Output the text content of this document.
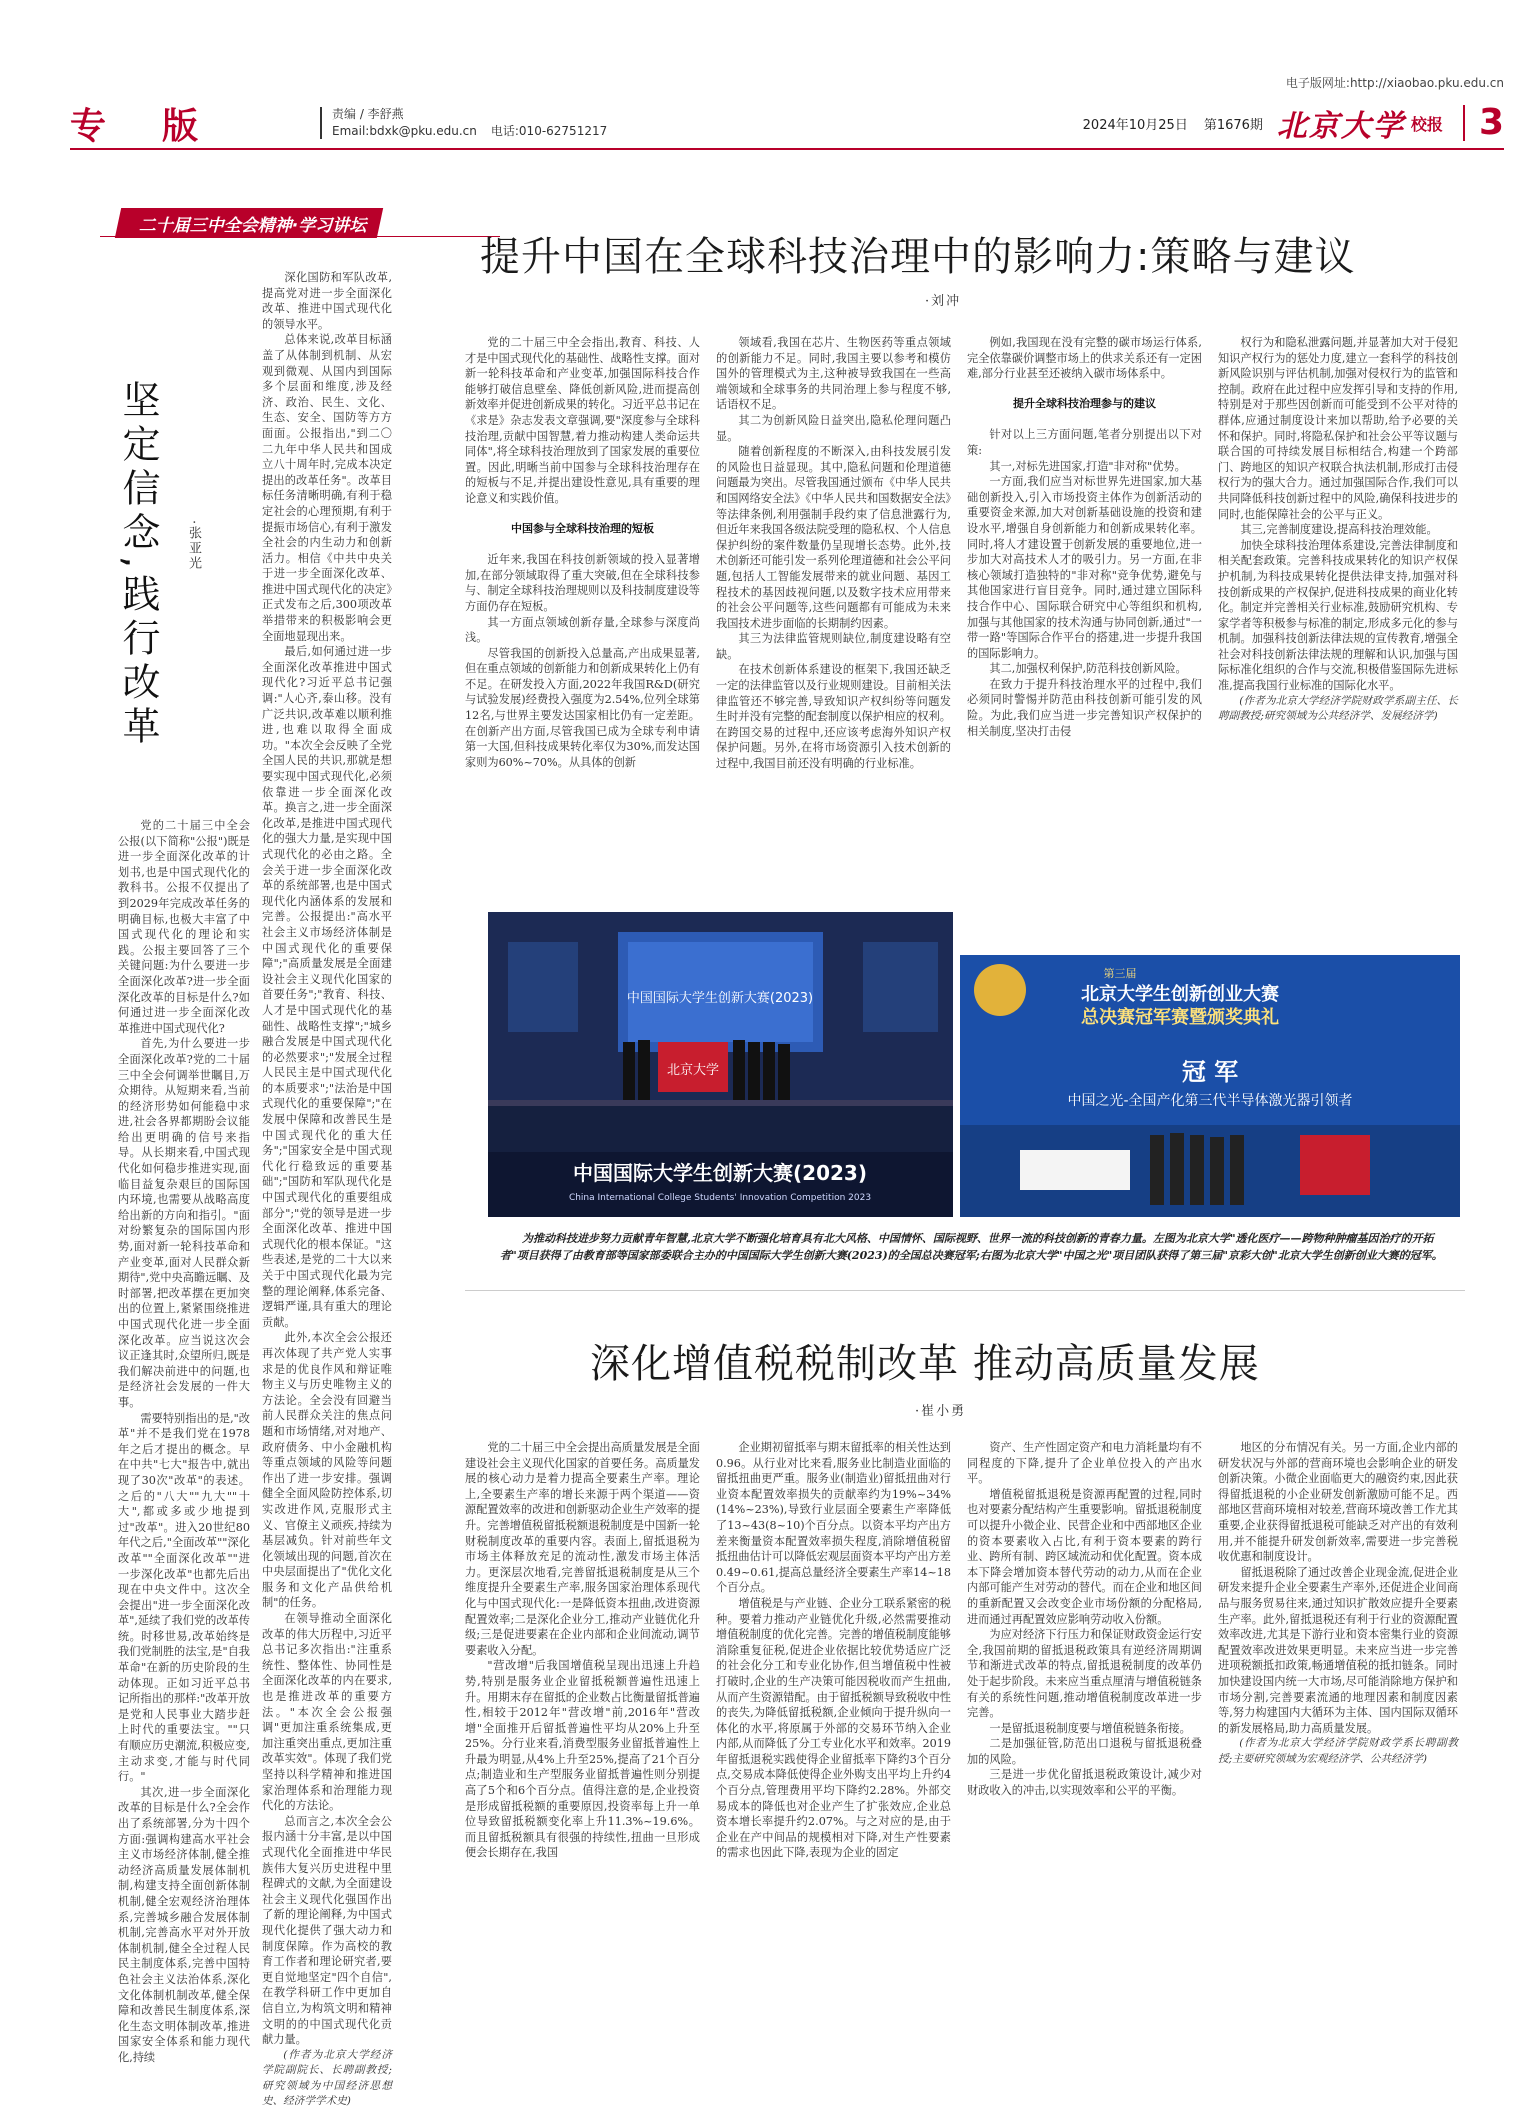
电子版网址:http://xiaobao.pku.edu.cn
专版	责编 / 李舒燕
Email:bdxk@pku.edu.cn 电话:010-62751217	2024年10月25日 第1676期 北京大学 校报	3
二十届三中全会精神·学习讲坛
坚定信念,践行改革 ·张亚光

党的二十届三中全会公报(以下简称"公报")既是进一步全面深化改革的计划书,也是中国式现代化的教科书。公报不仅提出了到2029年完成改革任务的明确目标,也极大丰富了中国式现代化的理论和实践。公报主要回答了三个关键问题:为什么要进一步全面深化改革?进一步全面深化改革的目标是什么?如何通过进一步全面深化改革推进中国式现代化?

首先,为什么要进一步全面深化改革?党的二十届三中全会何调举世瞩目,万众期待。从短期来看,当前的经济形势如何能稳中求进,社会各界都期盼会议能给出更明确的信号来指导。从长期来看,中国式现代化如何稳步推进实现,面临目益复杂艰巨的国际国内环境,也需要从战略高度给出新的方向和指引。"面对纷繁复杂的国际国内形势,面对新一轮科技革命和产业变革,面对人民群众新期待",党中央高瞻远瞩、及时部署,把改革摆在更加突出的位置上,紧紧围绕推进中国式现代化进一步全面深化改革。应当说这次会议正逢其时,众望所归,既是我们解决前进中的问题,也是经济社会发展的一件大事。

需要特别指出的是,"改革"并不是我们党在1978年之后才提出的概念。早在中共"七大"报告中,就出现了30次"改革"的表述。之后的"八大""九大""十大",都或多或少地提到过"改革"。进入20世纪80年代之后,"全面改革""深化改革""全面深化改革""进一步深化改革"也都先后出现在中央文件中。这次全会提出"进一步全面深化改革",延续了我们党的改革传统。时移世易,改革始终是我们党制胜的法宝,是"自我革命"在新的历史阶段的生动体现。正如习近平总书记所指出的那样:"改革开放是党和人民事业大踏步赶上时代的重要法宝。""只有顺应历史潮流,积极应变,主动求变,才能与时代同行。"

其次,进一步全面深化改革的目标是什么?全会作出了系统部署,分为十四个方面:强调构建高水平社会主义市场经济体制,健全推动经济高质量发展体制机制,构建支持全面创新体制机制,健全宏观经济治理体系,完善城乡融合发展体制机制,完善高水平对外开放体制机制,健全全过程人民民主制度体系,完善中国特色社会主义法治体系,深化文化体制机制改革,健全保障和改善民生制度体系,深化生态文明体制改革,推进国家安全体系和能力现代化,持续

深化国防和军队改革,提高党对进一步全面深化改革、推进中国式现代化的领导水平。

总体来说,改革目标涵盖了从体制到机制、从宏观到微观、从国内到国际多个层面和维度,涉及经济、政治、民生、文化、生态、安全、国防等方方面面。公报指出,"到二〇二九年中华人民共和国成立八十周年时,完成本决定提出的改革任务"。改革目标任务清晰明确,有利于稳定社会的心理预期,有利于提振市场信心,有利于激发全社会的内生动力和创新活力。相信《中共中央关于进一步全面深化改革、推进中国式现代化的决定》正式发布之后,300项改革举措带来的积极影响会更全面地显现出来。

最后,如何通过进一步全面深化改革推进中国式现代化?习近平总书记强调:"人心齐,泰山移。没有广泛共识,改革难以顺利推进,也难以取得全面成功。"本次全会反映了全党全国人民的共识,那就是想要实现中国式现代化,必须依靠进一步全面深化改革。换言之,进一步全面深化改革,是推进中国式现代化的强大力量,是实现中国式现代化的必由之路。全会关于进一步全面深化改革的系统部署,也是中国式现代化内涵体系的发展和完善。公报提出:"高水平社会主义市场经济体制是中国式现代化的重要保障";"高质量发展是全面建设社会主义现代化国家的首要任务";"教育、科技、人才是中国式现代化的基础性、战略性支撑";"城乡融合发展是中国式现代化的必然要求";"发展全过程人民民主是中国式现代化的本质要求";"法治是中国式现代化的重要保障";"在发展中保障和改善民生是中国式现代化的重大任务";"国家安全是中国式现代化行稳致远的重要基础";"国防和军队现代化是中国式现代化的重要组成部分";"党的领导是进一步全面深化改革、推进中国式现代化的根本保证。"这些表述,是党的二十大以来关于中国式现代化最为完整的理论阐释,体系完备、逻辑严谨,具有重大的理论贡献。

此外,本次全会公报还再次体现了共产党人实事求是的优良作风和辩证唯物主义与历史唯物主义的方法论。全会没有回避当前人民群众关注的焦点问题和市场情绪,对对地产、政府债务、中小金融机构等重点领域的风险等问题作出了进一步安排。强调健全全面风险防控体系,切实改进作风,克服形式主义、官僚主义顽疾,持续为基层减负。针对前些年文化领域出现的问题,首次在中央层面提出了"优化文化服务和文化产品供给机制"的任务。

在领导推动全面深化改革的伟大历程中,习近平总书记多次指出:"注重系统性、整体性、协同性是全面深化改革的内在要求,也是推进改革的重要方法。"本次全会公报强调"更加注重系统集成,更加注重突出重点,更加注重改革实效"。体现了我们党坚持以科学精神和推进国家治理体系和治理能力现代化的方法论。

总而言之,本次全会公报内涵十分丰富,是以中国式现代化全面推进中华民族伟大复兴历史进程中里程碑式的文献,为全面建设社会主义现代化强国作出了新的理论阐释,为中国式现代化提供了强大动力和制度保障。作为高校的教育工作者和理论研究者,要更自觉地坚定"四个自信",在教学科研工作中更加自信自立,为构筑文明和精神文明的的中国式现代化贡献力量。

(作者为北京大学经济学院副院长、长聘副教授;研究领域为中国经济思想史、经济学学术史)

提升中国在全球科技治理中的影响力:策略与建议
·刘冲

党的二十届三中全会指出,教育、科技、人才是中国式现代化的基础性、战略性支撑。面对新一轮科技革命和产业变革,加强国际科技合作能够打破信息壁垒、降低创新风险,进而提高创新效率并促进创新成果的转化。习近平总书记在《求是》杂志发表文章强调,要"深度参与全球科技治理,贡献中国智慧,着力推动构建人类命运共同体",将全球科技治理放到了国家发展的重要位置。因此,明晰当前中国参与全球科技治理存在的短板与不足,并提出建设性意见,具有重要的理论意义和实践价值。

中国参与全球科技治理的短板

近年来,我国在科技创新领域的投入显著增加,在部分领域取得了重大突破,但在全球科技参与、制定全球科技治理规则以及科技制度建设等方面仍存在短板。

其一方面点领域创新存量,全球参与深度尚浅。

尽管我国的创新投入总量高,产出成果显著,但在重点领域的创新能力和创新成果转化上仍有不足。在研发投入方面,2022年我国R&D(研究与试验发展)经费投入强度为2.54%,位列全球第12名,与世界主要发达国家相比仍有一定差距。在创新产出方面,尽管我国已成为全球专利申请第一大国,但科技成果转化率仅为30%,而发达国家则为60%~70%。从具体的创新

领域看,我国在芯片、生物医药等重点领域的创新能力不足。同时,我国主要以参考和模仿国外的管理模式为主,这种被导致我国在一些高端领域和全球事务的共同治理上参与程度不够,话语权不足。

其二为创新风险日益突出,隐私伦理问题凸显。

随着创新程度的不断深入,由科技发展引发的风险也日益显现。其中,隐私问题和伦理道德问题最为突出。尽管我国通过颁布《中华人民共和国网络安全法》《中华人民共和国数据安全法》等法律条例,利用强制手段约束了信息泄露行为,但近年来我国各级法院受理的隐私权、个人信息保护纠纷的案件数量仍呈现增长态势。此外,技术创新还可能引发一系列伦理道德和社会公平问题,包括人工智能发展带来的就业问题、基因工程技术的基因歧视问题,以及数字技术应用带来的社会公平问题等,这些问题都有可能成为未来我国技术进步面临的长期制约因素。

其三为法律监管规则缺位,制度建设略有空缺。

在技术创新体系建设的框架下,我国还缺乏一定的法律监管以及行业规则建设。目前相关法律监管还不够完善,导致知识产权纠纷等问题发生时并没有完整的配套制度以保护相应的权利。在跨国交易的过程中,还应该考虑海外知识产权保护问题。另外,在将市场资源引入技术创新的过程中,我国目前还没有明确的行业标准。

例如,我国现在没有完整的碳市场运行体系,完全依靠碳价调整市场上的供求关系还有一定困难,部分行业甚至还被纳入碳市场体系中。

提升全球科技治理参与的建议

针对以上三方面问题,笔者分别提出以下对策:

其一,对标先进国家,打造"非对称"优势。

一方面,我们应当对标世界先进国家,加大基础创新投入,引入市场投资主体作为创新活动的重要资金来源,加大对创新基础设施的投资和建设水平,增强自身创新能力和创新成果转化率。同时,将人才建设置于创新发展的重要地位,进一步加大对高技术人才的吸引力。另一方面,在非核心领域打造独特的"非对称"竞争优势,避免与其他国家进行盲目竞争。同时,通过建立国际科技合作中心、国际联合研究中心等组织和机构,加强与其他国家的技术沟通与协同创新,通过"一带一路"等国际合作平台的搭建,进一步提升我国的国际影响力。

其二,加强权利保护,防范科技创新风险。

在致力于提升科技治理水平的过程中,我们必须同时警惕并防范由科技创新可能引发的风险。为此,我们应当进一步完善知识产权保护的相关制度,坚决打击侵

权行为和隐私泄露问题,并显著加大对于侵犯知识产权行为的惩处力度,建立一套科学的科技创新风险识别与评估机制,加强对侵权行为的监管和控制。政府在此过程中应发挥引导和支持的作用,特别是对于那些因创新而可能受到不公平对待的群体,应通过制度设计来加以帮助,给予必要的关怀和保护。同时,将隐私保护和社会公平等议题与联合国的可持续发展目标相结合,构建一个跨部门、跨地区的知识产权联合执法机制,形成打击侵权行为的强大合力。通过加强国际合作,我们可以共同降低科技创新过程中的风险,确保科技进步的同时,也能保障社会的公平与正义。

其三,完善制度建设,提高科技治理效能。

加快全球科技治理体系建设,完善法律制度和相关配套政策。完善科技成果转化的知识产权保护机制,为科技成果转化提供法律支持,加强对科技创新成果的产权保护,促进科技成果的商业化转化。制定并完善相关行业标准,鼓励研究机构、专家学者等积极参与标准的制定,形成多元化的参与机制。加强科技创新法律法规的宣传教育,增强全社会对科技创新法律法规的理解和认识,加强与国际标准化组织的合作与交流,积极借鉴国际先进标准,提高我国行业标准的国际化水平。

(作者为北京大学经济学院财政学系副主任、长聘副教授;研究领域为公共经济学、发展经济学)

中国国际大学生创新大赛(2023)
北京大学
中国国际大学生创新大赛(2023)
China International College Students' Innovation Competition 2023
第三届
北京大学生创新创业大赛
总决赛冠军赛暨颁奖典礼
冠 军
中国之光-全国产化第三代半导体激光器引领者
为推动科技进步努力贡献青年智慧,北京大学不断强化培育具有北大风格、中国情怀、国际视野、世界一流的科技创新的青春力量。左图为北京大学"透化医疗——跨物种肿瘤基因治疗的开拓者"项目获得了由教育部等国家部委联合主办的中国国际大学生创新大赛(2023)的全国总决赛冠军;右图为北京大学"中国之光"项目团队获得了第三届"京彩大创"北京大学生创新创业大赛的冠军。
深化增值税税制改革 推动高质量发展
·崔小勇

党的二十届三中全会提出高质量发展是全面建设社会主义现代化国家的首要任务。高质量发展的核心动力是着力提高全要素生产率。理论上,全要素生产率的增长来源于两个渠道——资源配置效率的改进和创新驱动企业生产效率的提升。完善增值税留抵税额退税制度是中国新一轮财税制度改革的重要内容。表面上,留抵退税为市场主体释放充足的流动性,激发市场主体活力。更深层次地看,完善留抵退税制度是从三个维度提升全要素生产率,服务国家治理体系现代化与中国式现代化:一是降低资本扭曲,改进资源配置效率;二是深化企业分工,推动产业链优化升级;三是促进要素在企业内部和企业间流动,调节要素收入分配。

"营改增"后我国增值税呈现出迅速上升趋势,特别是服务业企业留抵税额普遍性迅速上升。用期末存在留抵的企业数占比衡量留抵普遍性,相较于2012年"营改增"前,2016年"营改增"全面推开后留抵普遍性平均从20%上升至25%。分行业来看,消费型服务业留抵普遍性上升最为明显,从4%上升至25%,提高了21个百分点;制造业和生产型服务业留抵普遍性则分别提高了5个和6个百分点。值得注意的是,企业投资是形成留抵税额的重要原因,投资率每上升一单位导致留抵税额变化率上升11.3%~19.6%。而且留抵税额具有很强的持续性,扭曲一旦形成便会长期存在,我国

企业期初留抵率与期末留抵率的相关性达到0.96。从行业对比来看,服务业比制造业面临的留抵扭曲更严重。服务业(制造业)留抵扭曲对行业资本配置效率损失的贡献率约为19%~34%(14%~23%),导致行业层面全要素生产率降低了13~43(8~10)个百分点。以资本平均产出方差来衡量资本配置效率损失程度,消除增值税留抵扭曲估计可以降低宏观层面资本平均产出方差0.49~0.61,提高总量经济全要素生产率14~18个百分点。

增值税是与产业链、企业分工联系紧密的税种。要着力推动产业链优化升级,必然需要推动增值税制度的优化完善。完善的增值税制度能够消除重复征税,促进企业依据比较优势适应广泛的社会化分工和专业化协作,但当增值税中性被打破时,企业的生产决策可能因税收而产生扭曲,从而产生资源错配。由于留抵税额导致税收中性的丧失,为降低留抵税额,企业倾向于提升纵向一体化的水平,将原属于外部的交易环节纳入企业内部,从而降低了分工专业化水平和效率。2019年留抵退税实践使得企业留抵率下降约3个百分点,交易成本降低使得企业外购支出平均上升约4个百分点,管理费用平均下降约2.28%。外部交易成本的降低也对企业产生了扩张效应,企业总资本增长率提升约2.07%。与之对应的是,由于企业在产中间品的规模相对下降,对生产性要素的需求也因此下降,表现为企业的固定

资产、生产性固定资产和电力消耗量均有不同程度的下降,提升了企业单位投入的产出水平。

增值税留抵退税是资源再配置的过程,同时也对要素分配结构产生重要影响。留抵退税制度可以提升小微企业、民营企业和中西部地区企业的资本要素收入占比,有利于资本要素的跨行业、跨所有制、跨区域流动和优化配置。资本成本下降会增加资本替代劳动的动力,从而在企业内部可能产生对劳动的替代。而在企业和地区间的重新配置又会改变企业市场份额的分配格局,进而通过再配置效应影响劳动收入份额。

为应对经济下行压力和保证财政资金运行安全,我国前期的留抵退税政策具有逆经济周期调节和渐进式改革的特点,留抵退税制度的改革仍处于起步阶段。未来应当重点厘清与增值税链条有关的系统性问题,推动增值税制度改革进一步完善。

一是留抵退税制度要与增值税链条衔接。

二是加强征管,防范出口退税与留抵退税叠加的风险。

三是进一步优化留抵退税政策设计,减少对财政收入的冲击,以实现效率和公平的平衡。

地区的分布情况有关。另一方面,企业内部的研发状况与外部的营商环境也会影响企业的研发创新决策。小微企业面临更大的融资约束,因此获得留抵退税的小企业研发创新激励可能不足。西部地区营商环境相对较差,营商环境改善工作尤其重要,企业获得留抵退税可能缺乏对产出的有效利用,并不能提升研发创新效率,需要进一步完善税收优惠和制度设计。

留抵退税除了通过改善企业现金流,促进企业研发来提升企业全要素生产率外,还促进企业间商品与服务贸易往来,通过知识扩散效应提升全要素生产率。此外,留抵退税还有利于行业的资源配置效率改进,尤其是下游行业和资本密集行业的资源配置效率改进效果更明显。未来应当进一步完善进项税额抵扣政策,畅通增值税的抵扣链条。同时加快建设国内统一大市场,尽可能消除地方保护和市场分割,完善要素流通的地理因素和制度因素等,努力构建国内大循环为主体、国内国际双循环的新发展格局,助力高质量发展。

(作者为北京大学经济学院财政学系长聘副教授;主要研究领域为宏观经济学、公共经济学)
